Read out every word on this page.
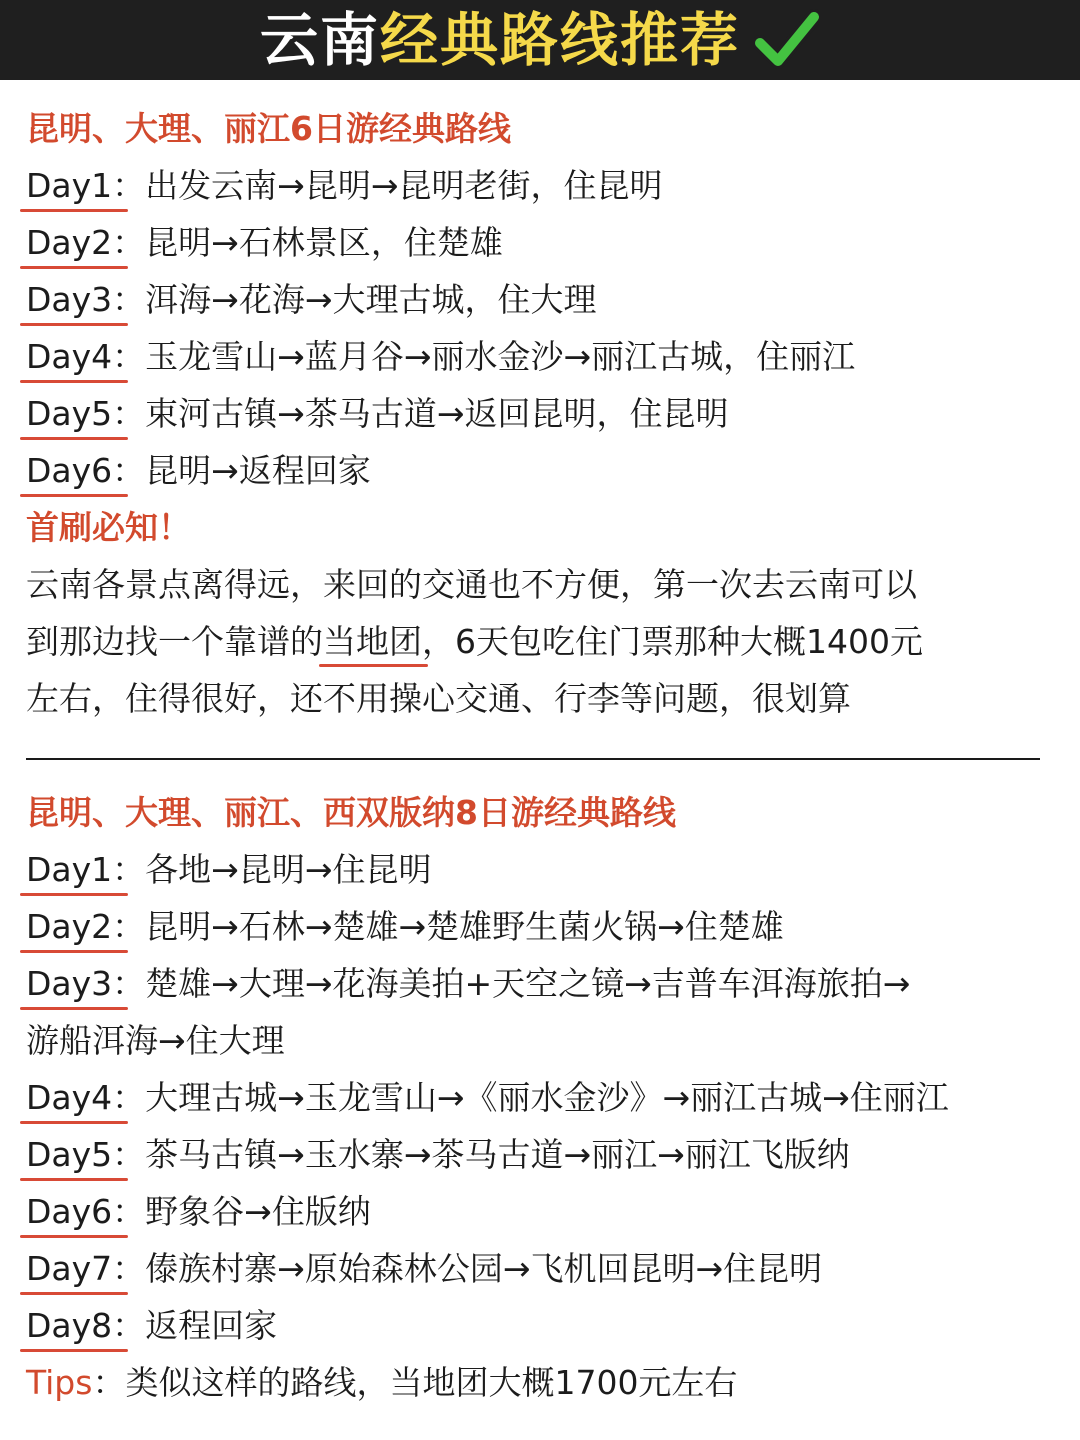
云南经典路线推荐
昆明、大理、丽江6日游经典路线
Day1：出发云南→昆明→昆明老街，住昆明
Day2：昆明→石林景区，住楚雄
Day3：洱海→花海→大理古城，住大理
Day4：玉龙雪山→蓝月谷→丽水金沙→丽江古城，住丽江
Day5：束河古镇→茶马古道→返回昆明，住昆明
Day6：昆明→返程回家
首刷必知！
云南各景点离得远，来回的交通也不方便，第一次去云南可以
到那边找一个靠谱的当地团，6天包吃住门票那种大概1400元
左右，住得很好，还不用操心交通、行李等问题，很划算
昆明、大理、丽江、西双版纳8日游经典路线
Day1：各地→昆明→住昆明
Day2：昆明→石林→楚雄→楚雄野生菌火锅→住楚雄
Day3：楚雄→大理→花海美拍+天空之镜→吉普车洱海旅拍→
游船洱海→住大理
Day4：大理古城→玉龙雪山→《丽水金沙》→丽江古城→住丽江
Day5：茶马古镇→玉水寨→茶马古道→丽江→丽江飞版纳
Day6：野象谷→住版纳
Day7：傣族村寨→原始森林公园→飞机回昆明→住昆明
Day8：返程回家
Tips：类似这样的路线，当地团大概1700元左右
